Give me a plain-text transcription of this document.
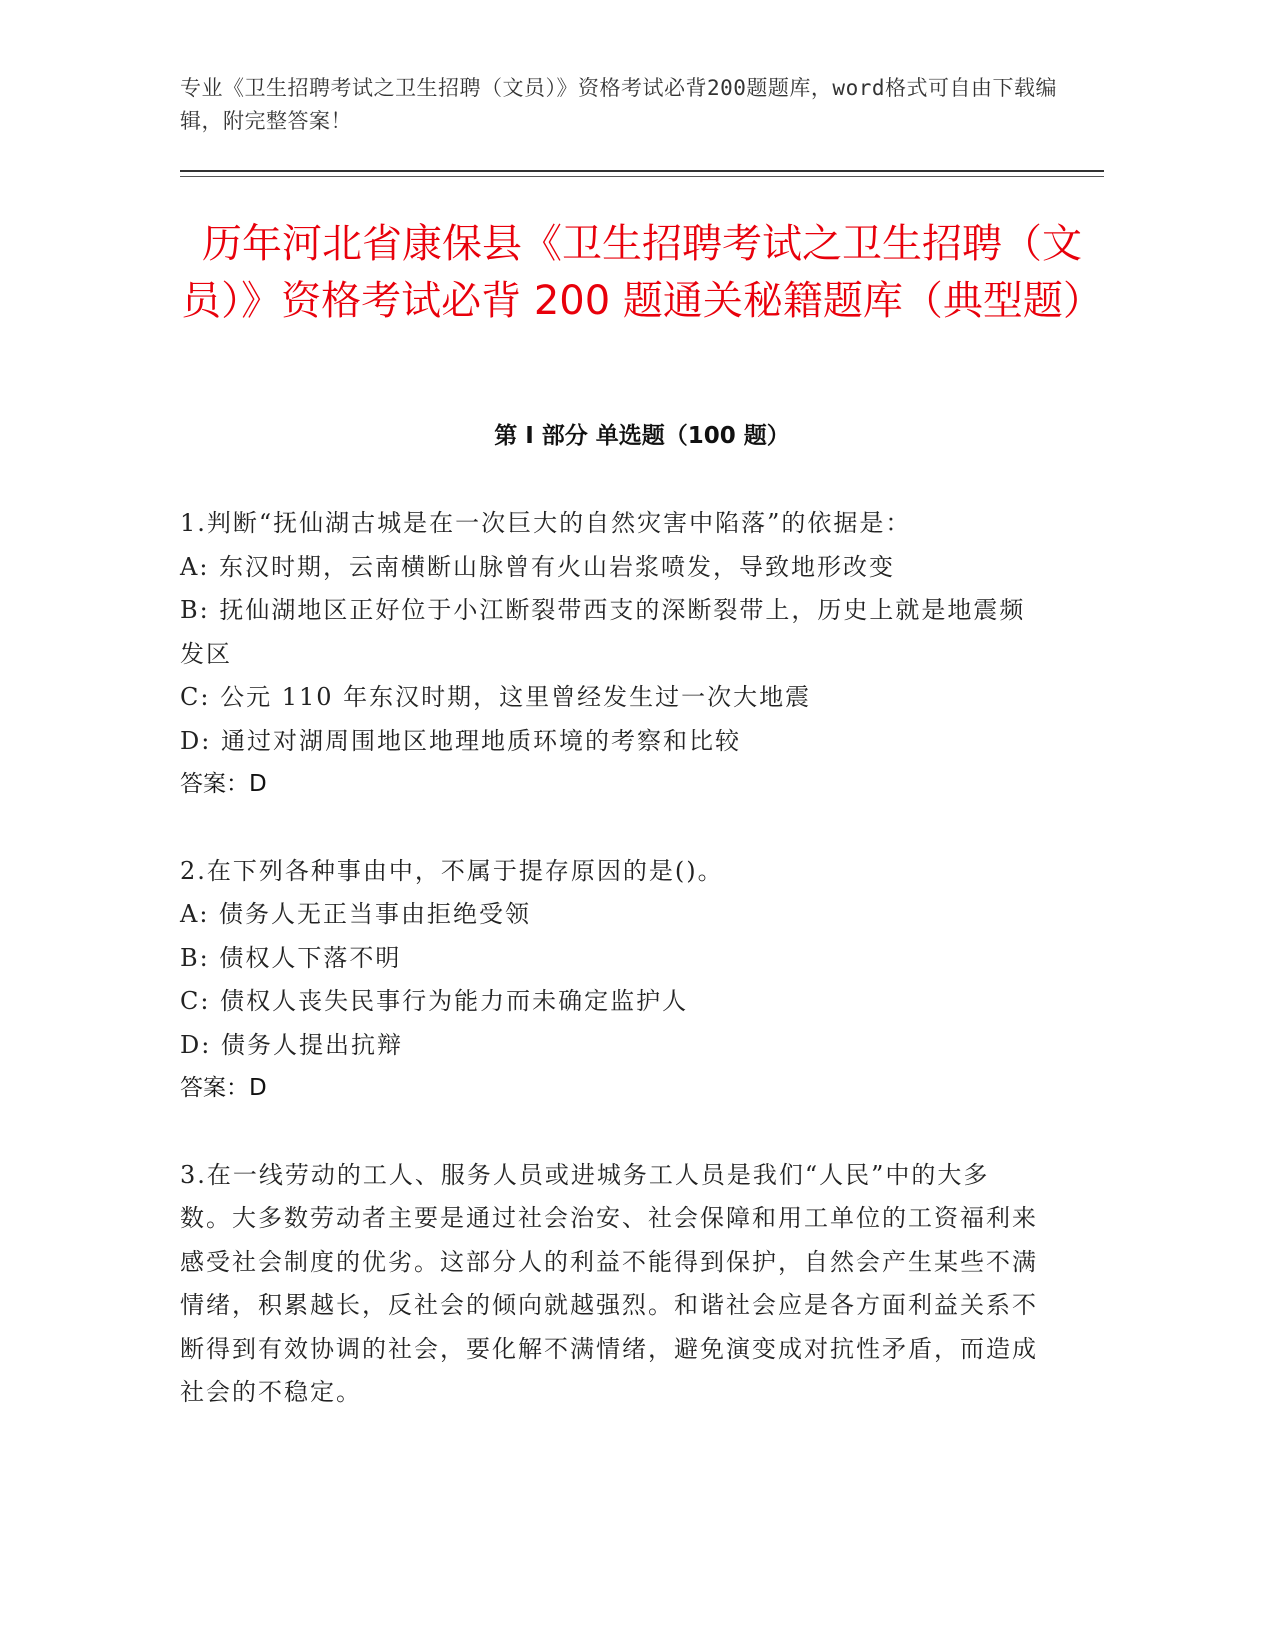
专业《卫生招聘考试之卫生招聘（文员）》资格考试必背200题题库，word格式可自由下载编辑，附完整答案！
历年河北省康保县《卫生招聘考试之卫生招聘（文员）》资格考试必背 200 题通关秘籍题库（典型题）
第 I 部分 单选题（100 题）

1.判断“抚仙湖古城是在一次巨大的自然灾害中陷落”的依据是：

A: 东汉时期，云南横断山脉曾有火山岩浆喷发，导致地形改变

B: 抚仙湖地区正好位于小江断裂带西支的深断裂带上，历史上就是地震频发区

C: 公元 110 年东汉时期，这里曾经发生过一次大地震

D: 通过对湖周围地区地理地质环境的考察和比较

答案：D

2.在下列各种事由中，不属于提存原因的是()。

A: 债务人无正当事由拒绝受领

B: 债权人下落不明

C: 债权人丧失民事行为能力而未确定监护人

D: 债务人提出抗辩

答案：D

3.在一线劳动的工人、服务人员或进城务工人员是我们“人民”中的大多数。大多数劳动者主要是通过社会治安、社会保障和用工单位的工资福利来感受社会制度的优劣。这部分人的利益不能得到保护，自然会产生某些不满情绪，积累越长，反社会的倾向就越强烈。和谐社会应是各方面利益关系不断得到有效协调的社会，要化解不满情绪，避免演变成对抗性矛盾，而造成社会的不稳定。
